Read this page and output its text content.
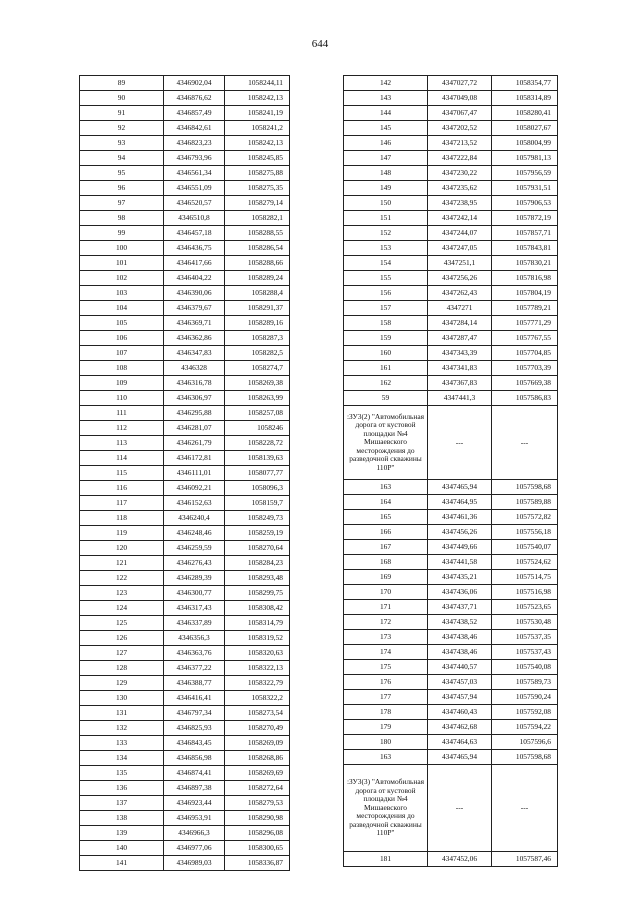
644
89	4346902,04	1058244,11
90	4346876,62	1058242,13
91	4346857,49	1058241,19
92	4346842,61	1058241,2
93	4346823,23	1058242,13
94	4346793,96	1058245,85
95	4346561,34	1058275,88
96	4346551,09	1058275,35
97	4346520,57	1058279,14
98	4346510,8	1058282,1
99	4346457,18	1058288,55
100	4346436,75	1058286,54
101	4346417,66	1058288,66
102	4346404,22	1058289,24
103	4346390,06	1058288,4
104	4346379,67	1058291,37
105	4346369,71	1058289,16
106	4346362,86	1058287,3
107	4346347,83	1058282,5
108	4346328	1058274,7
109	4346316,78	1058269,38
110	4346306,97	1058263,99
111	4346295,88	1058257,08
112	4346281,07	1058246
113	4346261,79	1058228,72
114	4346172,81	1058139,63
115	4346111,01	1058077,77
116	4346092,21	1058096,3
117	4346152,63	1058159,7
118	4346240,4	1058249,73
119	4346248,46	1058259,19
120	4346259,59	1058270,64
121	4346276,43	1058284,23
122	4346289,39	1058293,48
123	4346300,77	1058299,75
124	4346317,43	1058308,42
125	4346337,89	1058314,79
126	4346356,3	1058319,52
127	4346363,76	1058320,63
128	4346377,22	1058322,13
129	4346388,77	1058322,79
130	4346416,41	1058322,2
131	4346797,34	1058273,54
132	4346825,93	1058270,49
133	4346843,45	1058269,09
134	4346856,98	1058268,86
135	4346874,41	1058269,69
136	4346897,38	1058272,64
137	4346923,44	1058279,53
138	4346953,91	1058290,98
139	4346966,3	1058296,08
140	4346977,06	1058300,65
141	4346989,03	1058336,87
142	4347027,72	1058354,77
143	4347049,08	1058314,89
144	4347067,47	1058280,41
145	4347202,52	1058027,67
146	4347213,52	1058004,99
147	4347222,84	1057981,13
148	4347230,22	1057956,59
149	4347235,62	1057931,51
150	4347238,95	1057906,53
151	4347242,14	1057872,19
152	4347244,07	1057857,71
153	4347247,05	1057843,81
154	4347251,1	1057830,21
155	4347256,26	1057816,98
156	4347262,43	1057804,19
157	4347271	1057789,21
158	4347284,14	1057771,29
159	4347287,47	1057767,55
160	4347343,39	1057704,85
161	4347341,83	1057703,39
162	4347367,83	1057669,38
59	4347441,3	1057586,83
:ЗУ3(2) "Автомобильная дорога от кустовой площадки №4 Мишаевского месторождения до разведочной скважины 110Р"	---	---
163	4347465,94	1057598,68
164	4347464,95	1057589,88
165	4347461,36	1057572,82
166	4347456,26	1057556,18
167	4347449,66	1057540,07
168	4347441,58	1057524,62
169	4347435,21	1057514,75
170	4347436,06	1057516,98
171	4347437,71	1057523,65
172	4347438,52	1057530,48
173	4347438,46	1057537,35
174	4347438,46	1057537,43
175	4347440,57	1057540,08
176	4347457,03	1057589,73
177	4347457,94	1057590,24
178	4347460,43	1057592,08
179	4347462,68	1057594,22
180	4347464,63	1057596,6
163	4347465,94	1057598,68
:ЗУ3(3) "Автомобильная дорога от кустовой площадки №4 Мишаевского месторождения до разведочной скважины 110Р"	---	---
181	4347452,06	1057587,46
